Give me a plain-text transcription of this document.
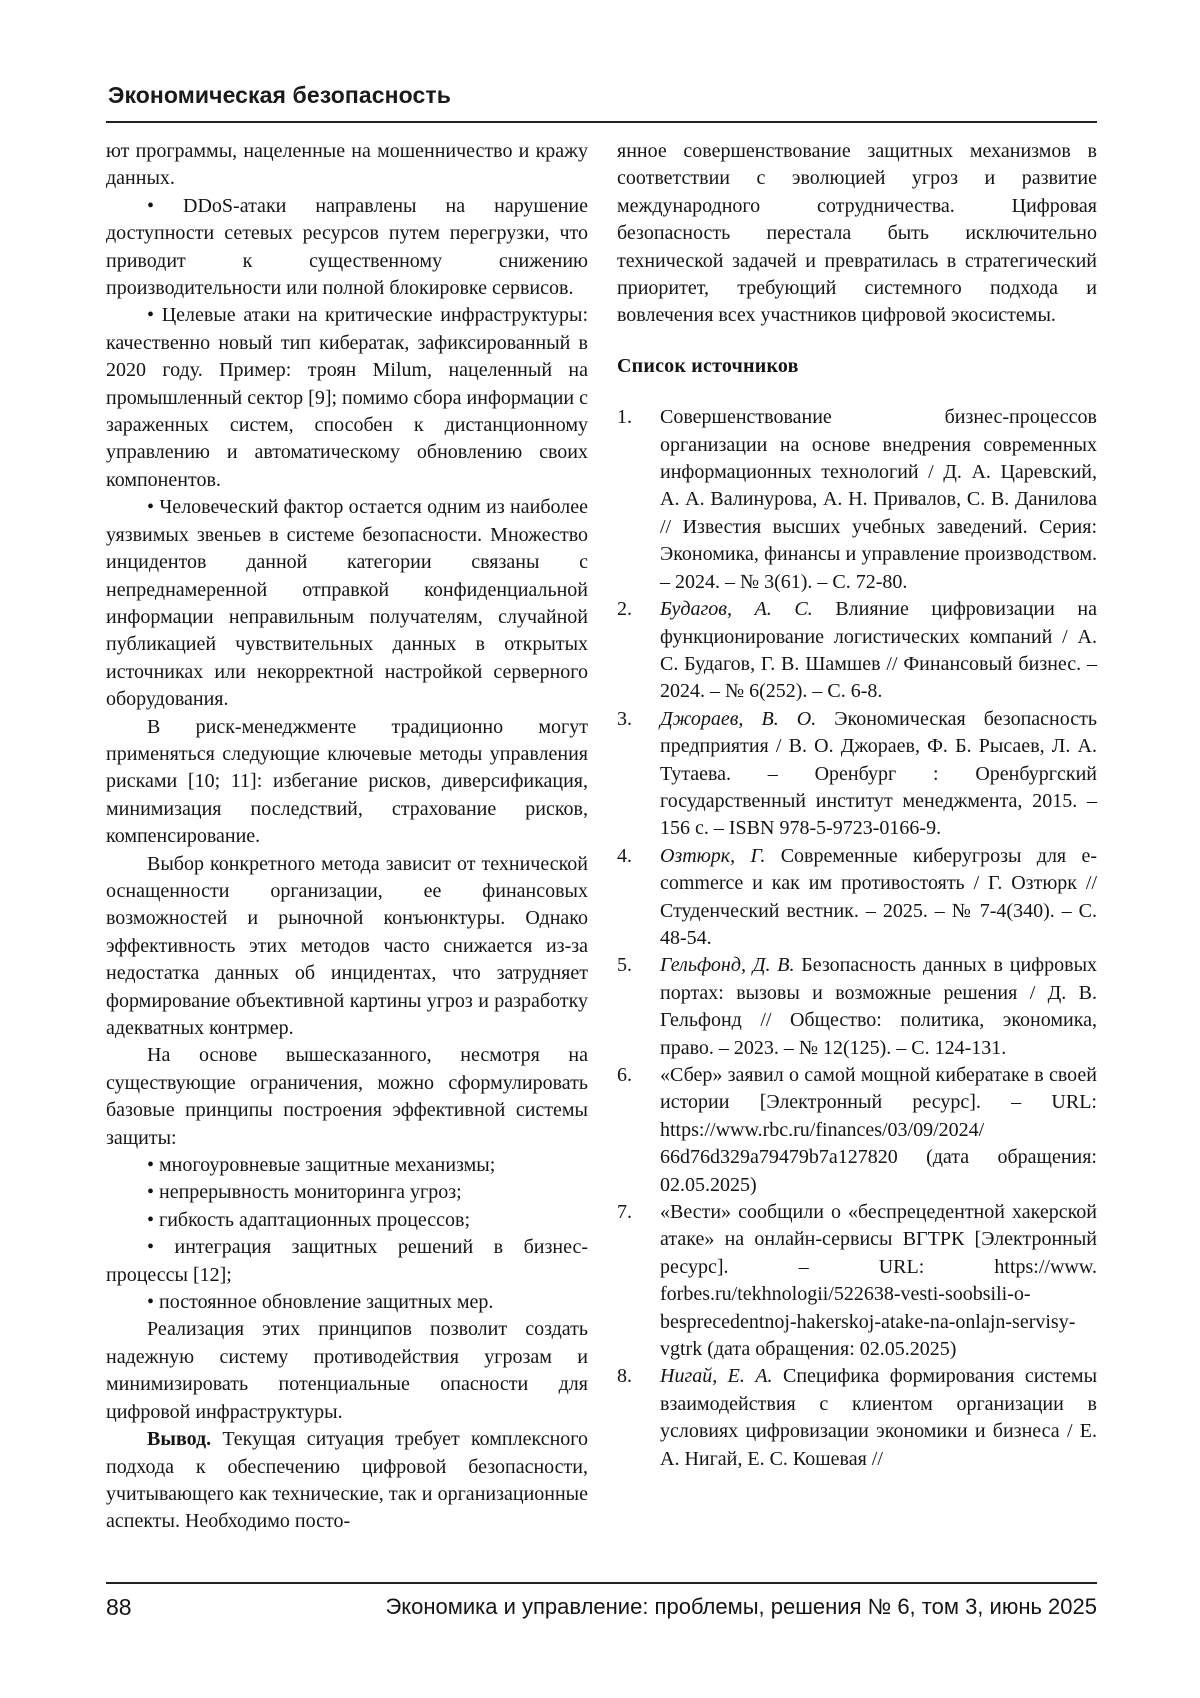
Экономическая безопасность

ют программы, нацеленные на мошенничество и кражу данных.

• DDoS-атаки направлены на нарушение доступности сетевых ресурсов путем перегрузки, что приводит к существенному снижению производительности или полной блокировке сервисов.

• Целевые атаки на критические инфраструктуры: качественно новый тип кибератак, зафиксированный в 2020 году. Пример: троян Milum, нацеленный на промышленный сектор [9]; помимо сбора информации с зараженных систем, способен к дистанционному управлению и автоматическому обновлению своих компонентов.

• Человеческий фактор остается одним из наиболее уязвимых звеньев в системе безопасности. Множество инцидентов данной категории связаны с непреднамеренной отправкой конфиденциальной информации неправильным получателям, случайной публикацией чувствительных данных в открытых источниках или некорректной настройкой серверного оборудования.

В риск-менеджменте традиционно могут применяться следующие ключевые методы управления рисками [10; 11]: избегание рисков, диверсификация, минимизация последствий, страхование рисков, компенсирование.

Выбор конкретного метода зависит от технической оснащенности организации, ее финансовых возможностей и рыночной конъюнктуры. Однако эффективность этих методов часто снижается из-за недостатка данных об инцидентах, что затрудняет формирование объективной картины угроз и разработку адекватных контрмер.

На основе вышесказанного, несмотря на существующие ограничения, можно сформулировать базовые принципы построения эффективной системы защиты:

• многоуровневые защитные механизмы;

• непрерывность мониторинга угроз;

• гибкость адаптационных процессов;

• интеграция защитных решений в бизнес-процессы [12];

• постоянное обновление защитных мер.

Реализация этих принципов позволит создать надежную систему противодействия угрозам и минимизировать потенциальные опасности для цифровой инфраструктуры.

Вывод. Текущая ситуация требует комплексного подхода к обеспечению цифровой безопасности, учитывающего как технические, так и организационные аспекты. Необходимо посто-

янное совершенствование защитных механизмов в соответствии с эволюцией угроз и развитие международного сотрудничества. Цифровая безопасность перестала быть исключительно технической задачей и превратилась в стратегический приоритет, требующий системного подхода и вовлечения всех участников цифровой экосистемы.

Список источников

1. Совершенствование бизнес-процессов организации на основе внедрения современных информационных технологий / Д. А. Царевский, А. А. Валинурова, А. Н. Привалов, С. В. Данилова // Известия высших учебных заведений. Серия: Экономика, финансы и управление производством. – 2024. – № 3(61). – С. 72-80.

2. Будагов, А. С. Влияние цифровизации на функционирование логистических компаний / А. С. Будагов, Г. В. Шамшев // Финансовый бизнес. – 2024. – № 6(252). – С. 6-8.

3. Джораев, В. О. Экономическая безопасность предприятия / В. О. Джораев, Ф. Б. Рысаев, Л. А. Тутаева. – Оренбург : Оренбургский государственный институт менеджмента, 2015. – 156 с. – ISBN 978-5-9723-0166-9.

4. Озтюрк, Г. Современные киберугрозы для e-commerce и как им противостоять / Г. Озтюрк // Студенческий вестник. – 2025. – № 7-4(340). – С. 48-54.

5. Гельфонд, Д. В. Безопасность данных в цифровых портах: вызовы и возможные решения / Д. В. Гельфонд // Общество: политика, экономика, право. – 2023. – № 12(125). – С. 124-131.

6. «Сбер» заявил о самой мощной кибератаке в своей истории [Электронный ресурс]. – URL: https://www.rbc.ru/finances/03/09/2024/ 66d76d329a79479b7a127820 (дата обращения: 02.05.2025)

7. «Вести» сообщили о «беспрецедентной хакерской атаке» на онлайн-сервисы ВГТРК [Электронный ресурс]. – URL: https://www. forbes.ru/tekhnologii/522638-vesti-soobsili-o-besprecedentnoj-hakerskoj-atake-na-onlajn-servisy-vgtrk (дата обращения: 02.05.2025)

8. Нигай, Е. А. Специфика формирования системы взаимодействия с клиентом организации в условиях цифровизации экономики и бизнеса / Е. А. Нигай, Е. С. Кошевая //

88	Экономика и управление: проблемы, решения № 6, том 3, июнь 2025
